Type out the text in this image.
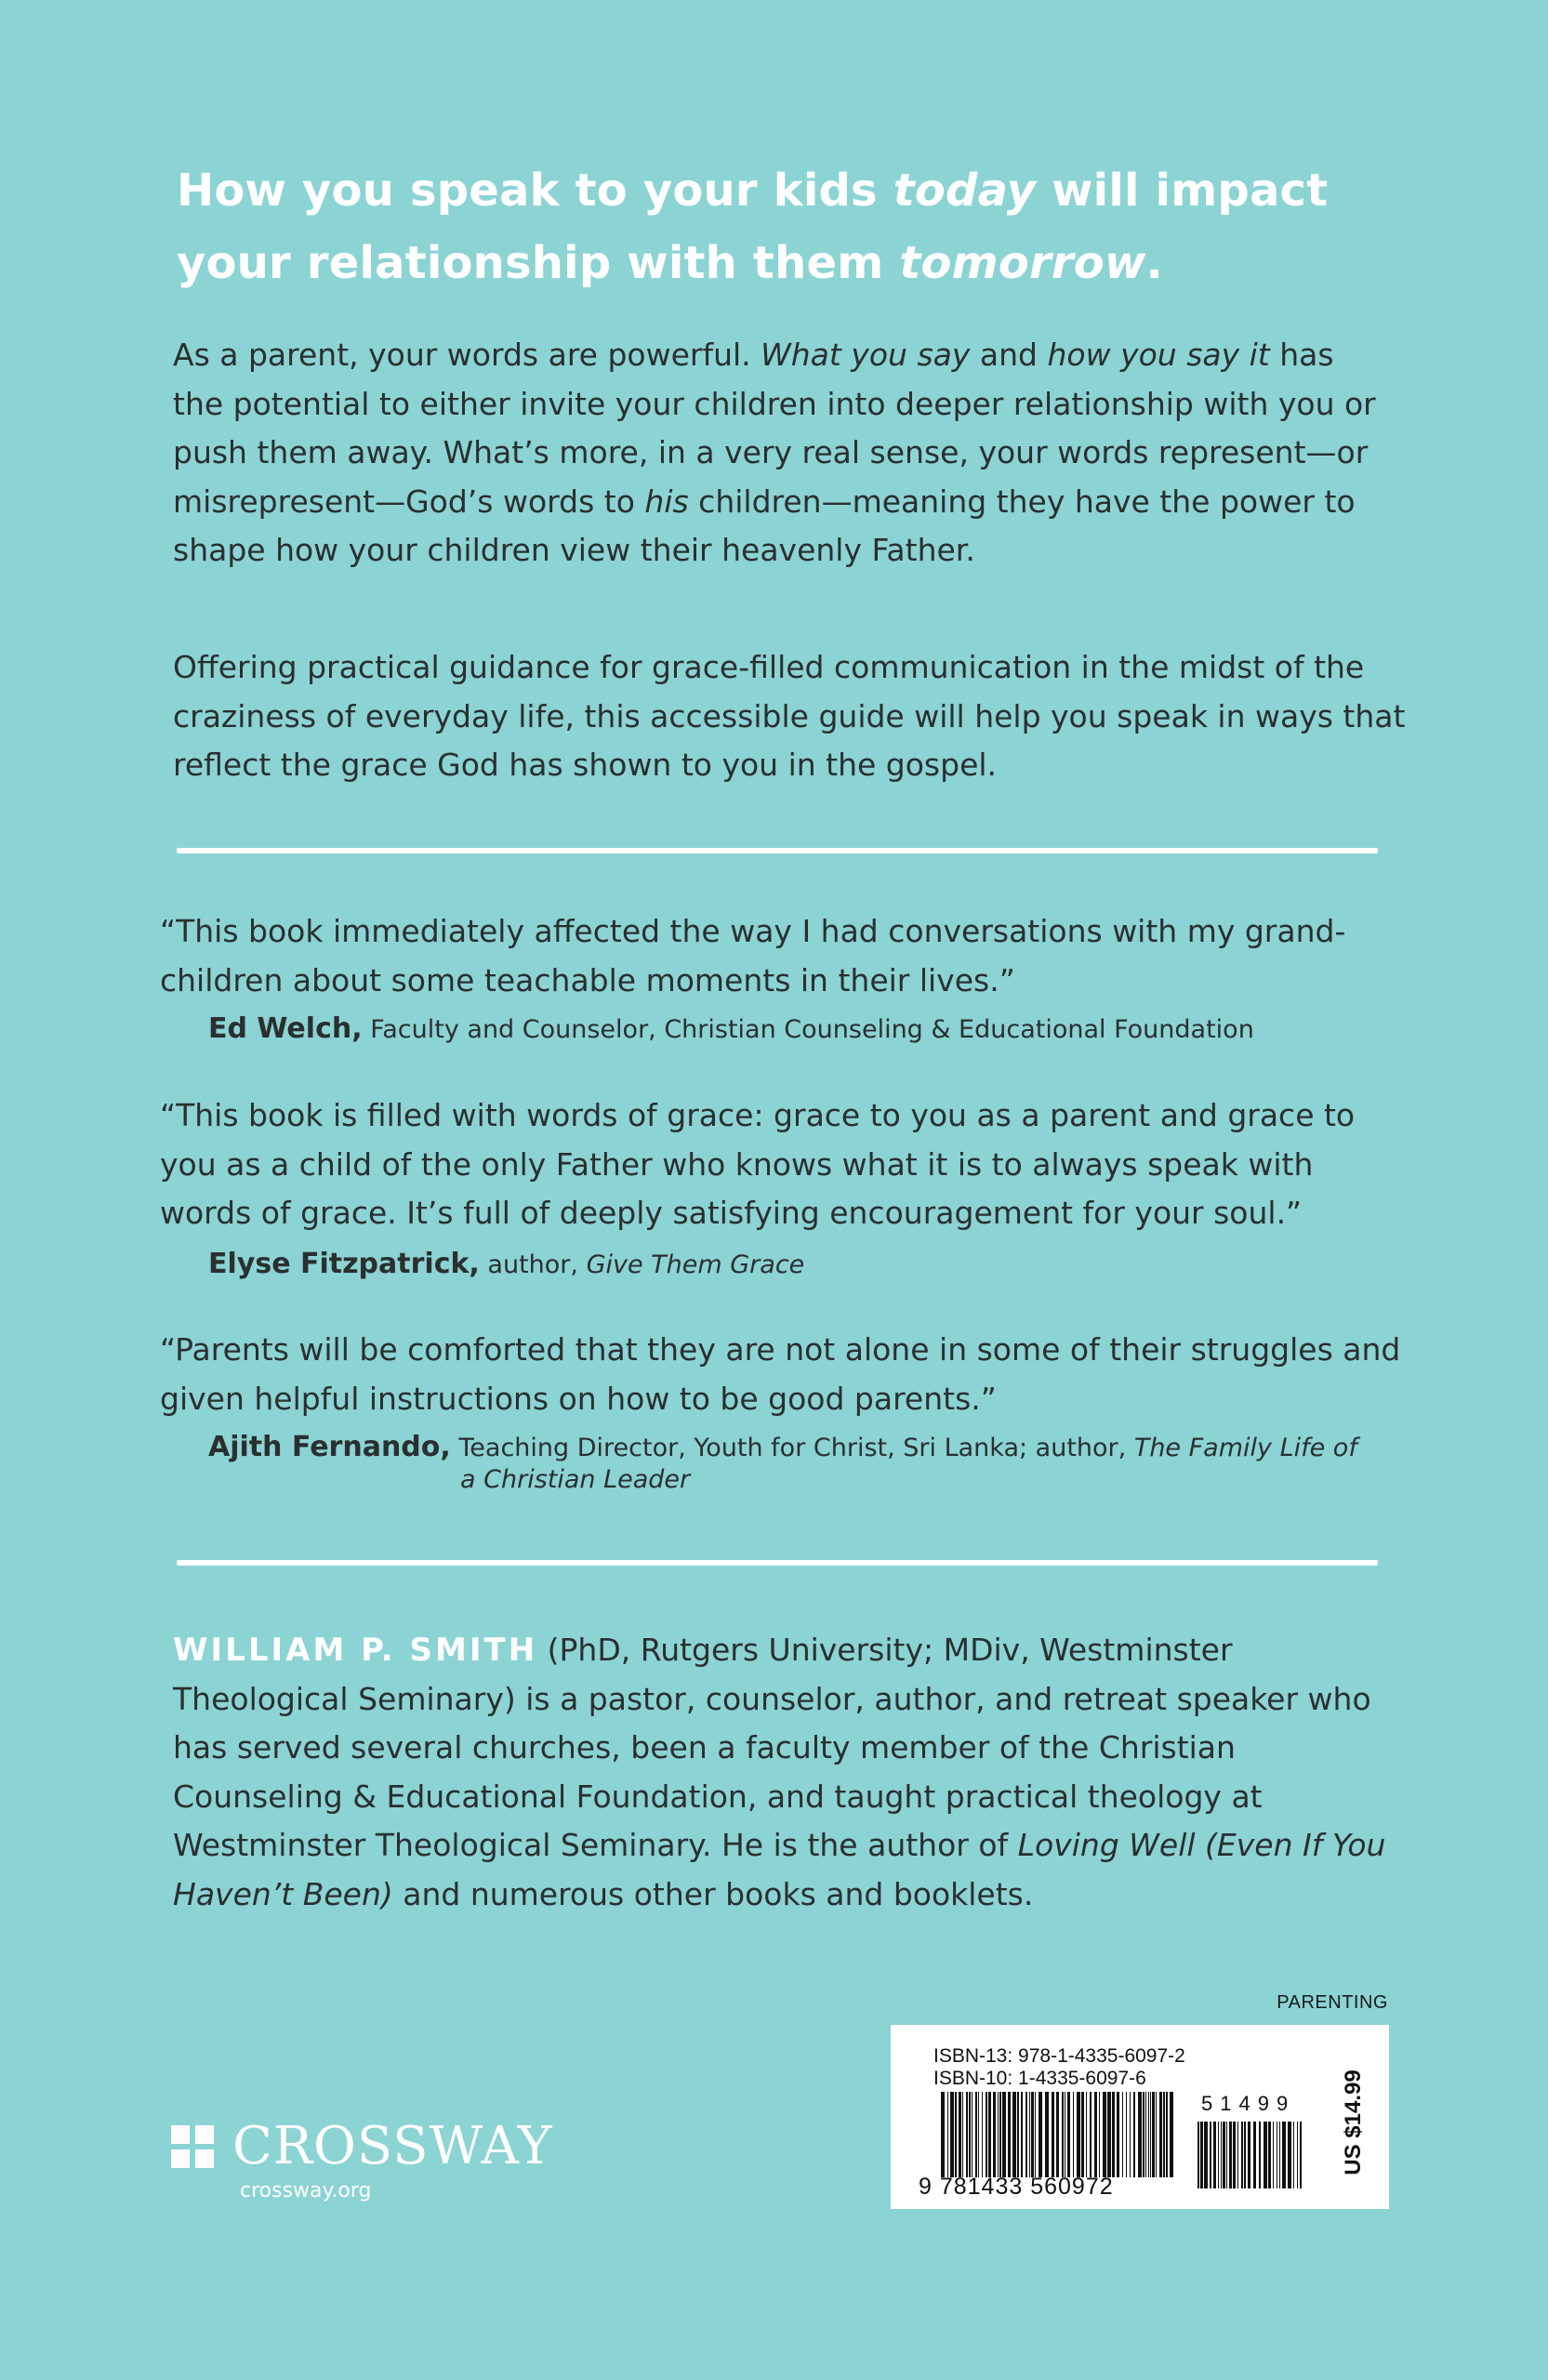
How you speak to your kids today will impact your relationship with them tomorrow.

As a parent, your words are powerful. What you say and how you say it has the potential to either invite your children into deeper relationship with you or push them away. What’s more, in a very real sense, your words represent—or misrepresent—God’s words to his children—meaning they have the power to shape how your children view their heavenly Father.

Offering practical guidance for grace-filled communication in the midst of the craziness of everyday life, this accessible guide will help you speak in ways that reflect the grace God has shown to you in the gospel.

“This book immediately affected the way I had conversations with my grand-children about some teachable moments in their lives.”

Ed Welch, Faculty and Counselor, Christian Counseling & Educational Foundation

“This book is filled with words of grace: grace to you as a parent and grace to you as a child of the only Father who knows what it is to always speak with words of grace. It’s full of deeply satisfying encouragement for your soul.”

Elyse Fitzpatrick, author, Give Them Grace

“Parents will be comforted that they are not alone in some of their struggles and given helpful instructions on how to be good parents.”

Ajith Fernando, Teaching Director, Youth for Christ, Sri Lanka; author, The Family Life of
a Christian Leader

WILLIAM P. SMITH (PhD, Rutgers University; MDiv, Westminster Theological Seminary) is a pastor, counselor, author, and retreat speaker who has served several churches, been a faculty member of the Christian Counseling & Educational Foundation, and taught practical theology at Westminster Theological Seminary. He is the author of Loving Well (Even If You Haven’t Been) and numerous other books and booklets.

PARENTING
ISBN-13: 978-1-4335-6097-2
ISBN-10: 1-4335-6097-6
51499
9 781433 560972
US $14.99
CROSSWAY
crossway.org
